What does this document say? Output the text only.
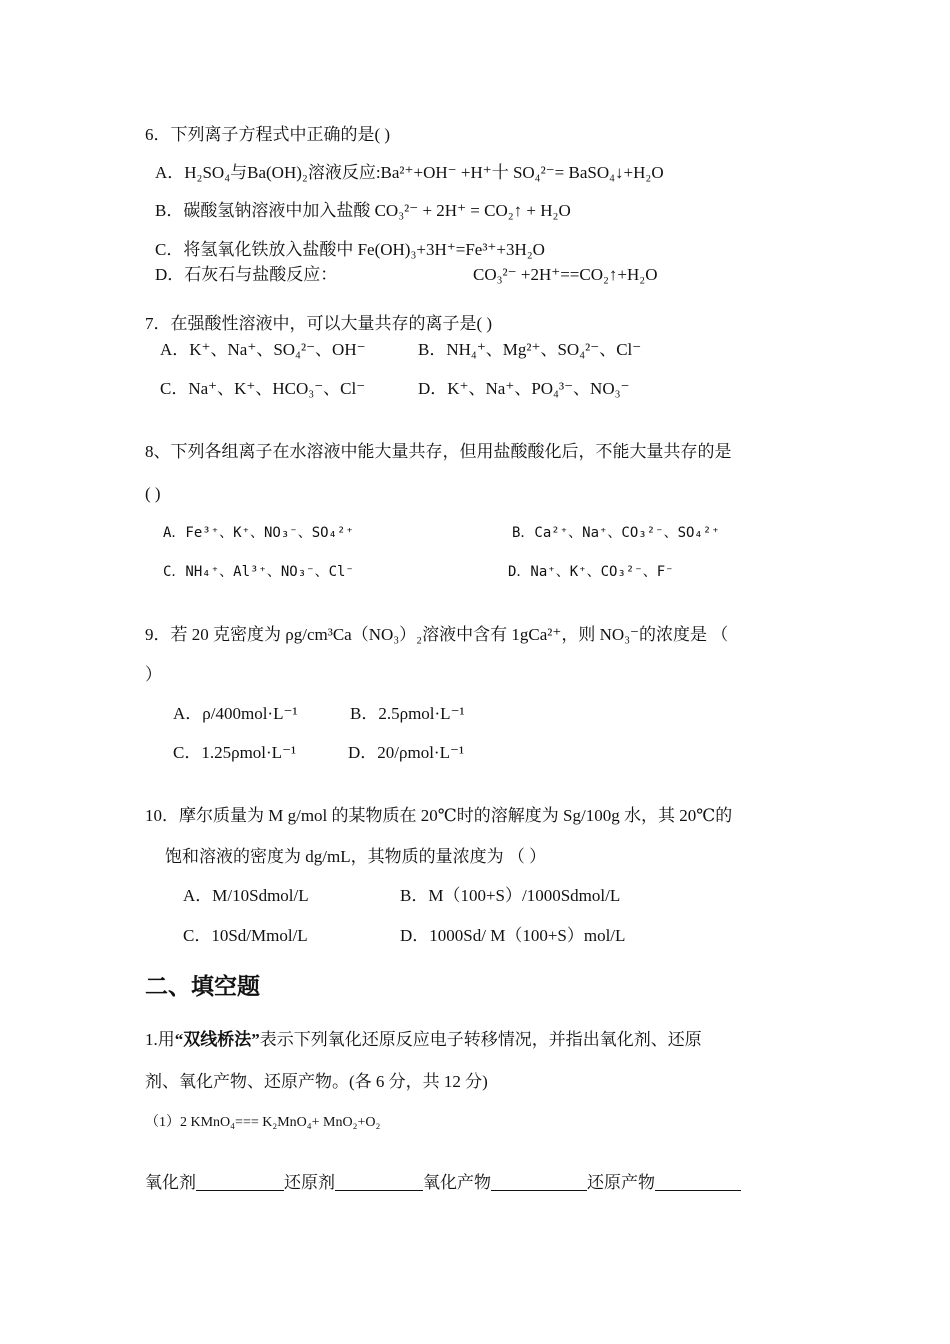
6．下列离子方程式中正确的是( )
A．H₂SO₄与Ba(OH)₂溶液反应:Ba²⁺+OH⁻ +H⁺十 SO₄²⁻= BaSO₄↓+H₂O
B．碳酸氢钠溶液中加入盐酸 CO₃²⁻ + 2H⁺ = CO₂↑ + H₂O
C．将氢氧化铁放入盐酸中 Fe(OH)₃+3H⁺=Fe³⁺+3H₂O
D．石灰石与盐酸反应：	CO₃²⁻ +2H⁺==CO₂↑+H₂O
7．在强酸性溶液中，可以大量共存的离子是( )
A．K⁺、Na⁺、SO₄²⁻、OH⁻	B．NH₄⁺、Mg²⁺、SO₄²⁻、Cl⁻
C．Na⁺、K⁺、HCO₃⁻、Cl⁻	D．K⁺、Na⁺、PO₄³⁻、NO₃⁻
8、下列各组离子在水溶液中能大量共存，但用盐酸酸化后，不能大量共存的是
( )
A．Fe³⁺、K⁺、NO₃⁻、SO₄²⁺	B．Ca²⁺、Na⁺、CO₃²⁻、SO₄²⁺
C．NH₄⁺、Al³⁺、NO₃⁻、Cl⁻	D．Na⁺、K⁺、CO₃²⁻、F⁻
9．若 20 克密度为 ρg/cm³Ca（NO₃）₂溶液中含有 1gCa²⁺，则 NO₃⁻的浓度是 （
）
A．ρ/400mol·L⁻¹	B．2.5ρmol·L⁻¹
C．1.25ρmol·L⁻¹	D．20/ρmol·L⁻¹
10．摩尔质量为 M g/mol 的某物质在 20℃时的溶解度为 Sg/100g 水，其 20℃的
饱和溶液的密度为 dg/mL，其物质的量浓度为 （ ）
A．M/10Sdmol/L	B．M（100+S）/1000Sdmol/L
C．10Sd/Mmol/L	D．1000Sd/ M（100+S）mol/L
二、填空题
1.用“双线桥法”表示下列氧化还原反应电子转移情况，并指出氧化剂、还原
剂、氧化产物、还原产物。(各 6 分，共 12 分)
（1）2 KMnO₄=== K₂MnO₄+ MnO₂+O₂
氧化剂	还原剂	氧化产物	还原产物
